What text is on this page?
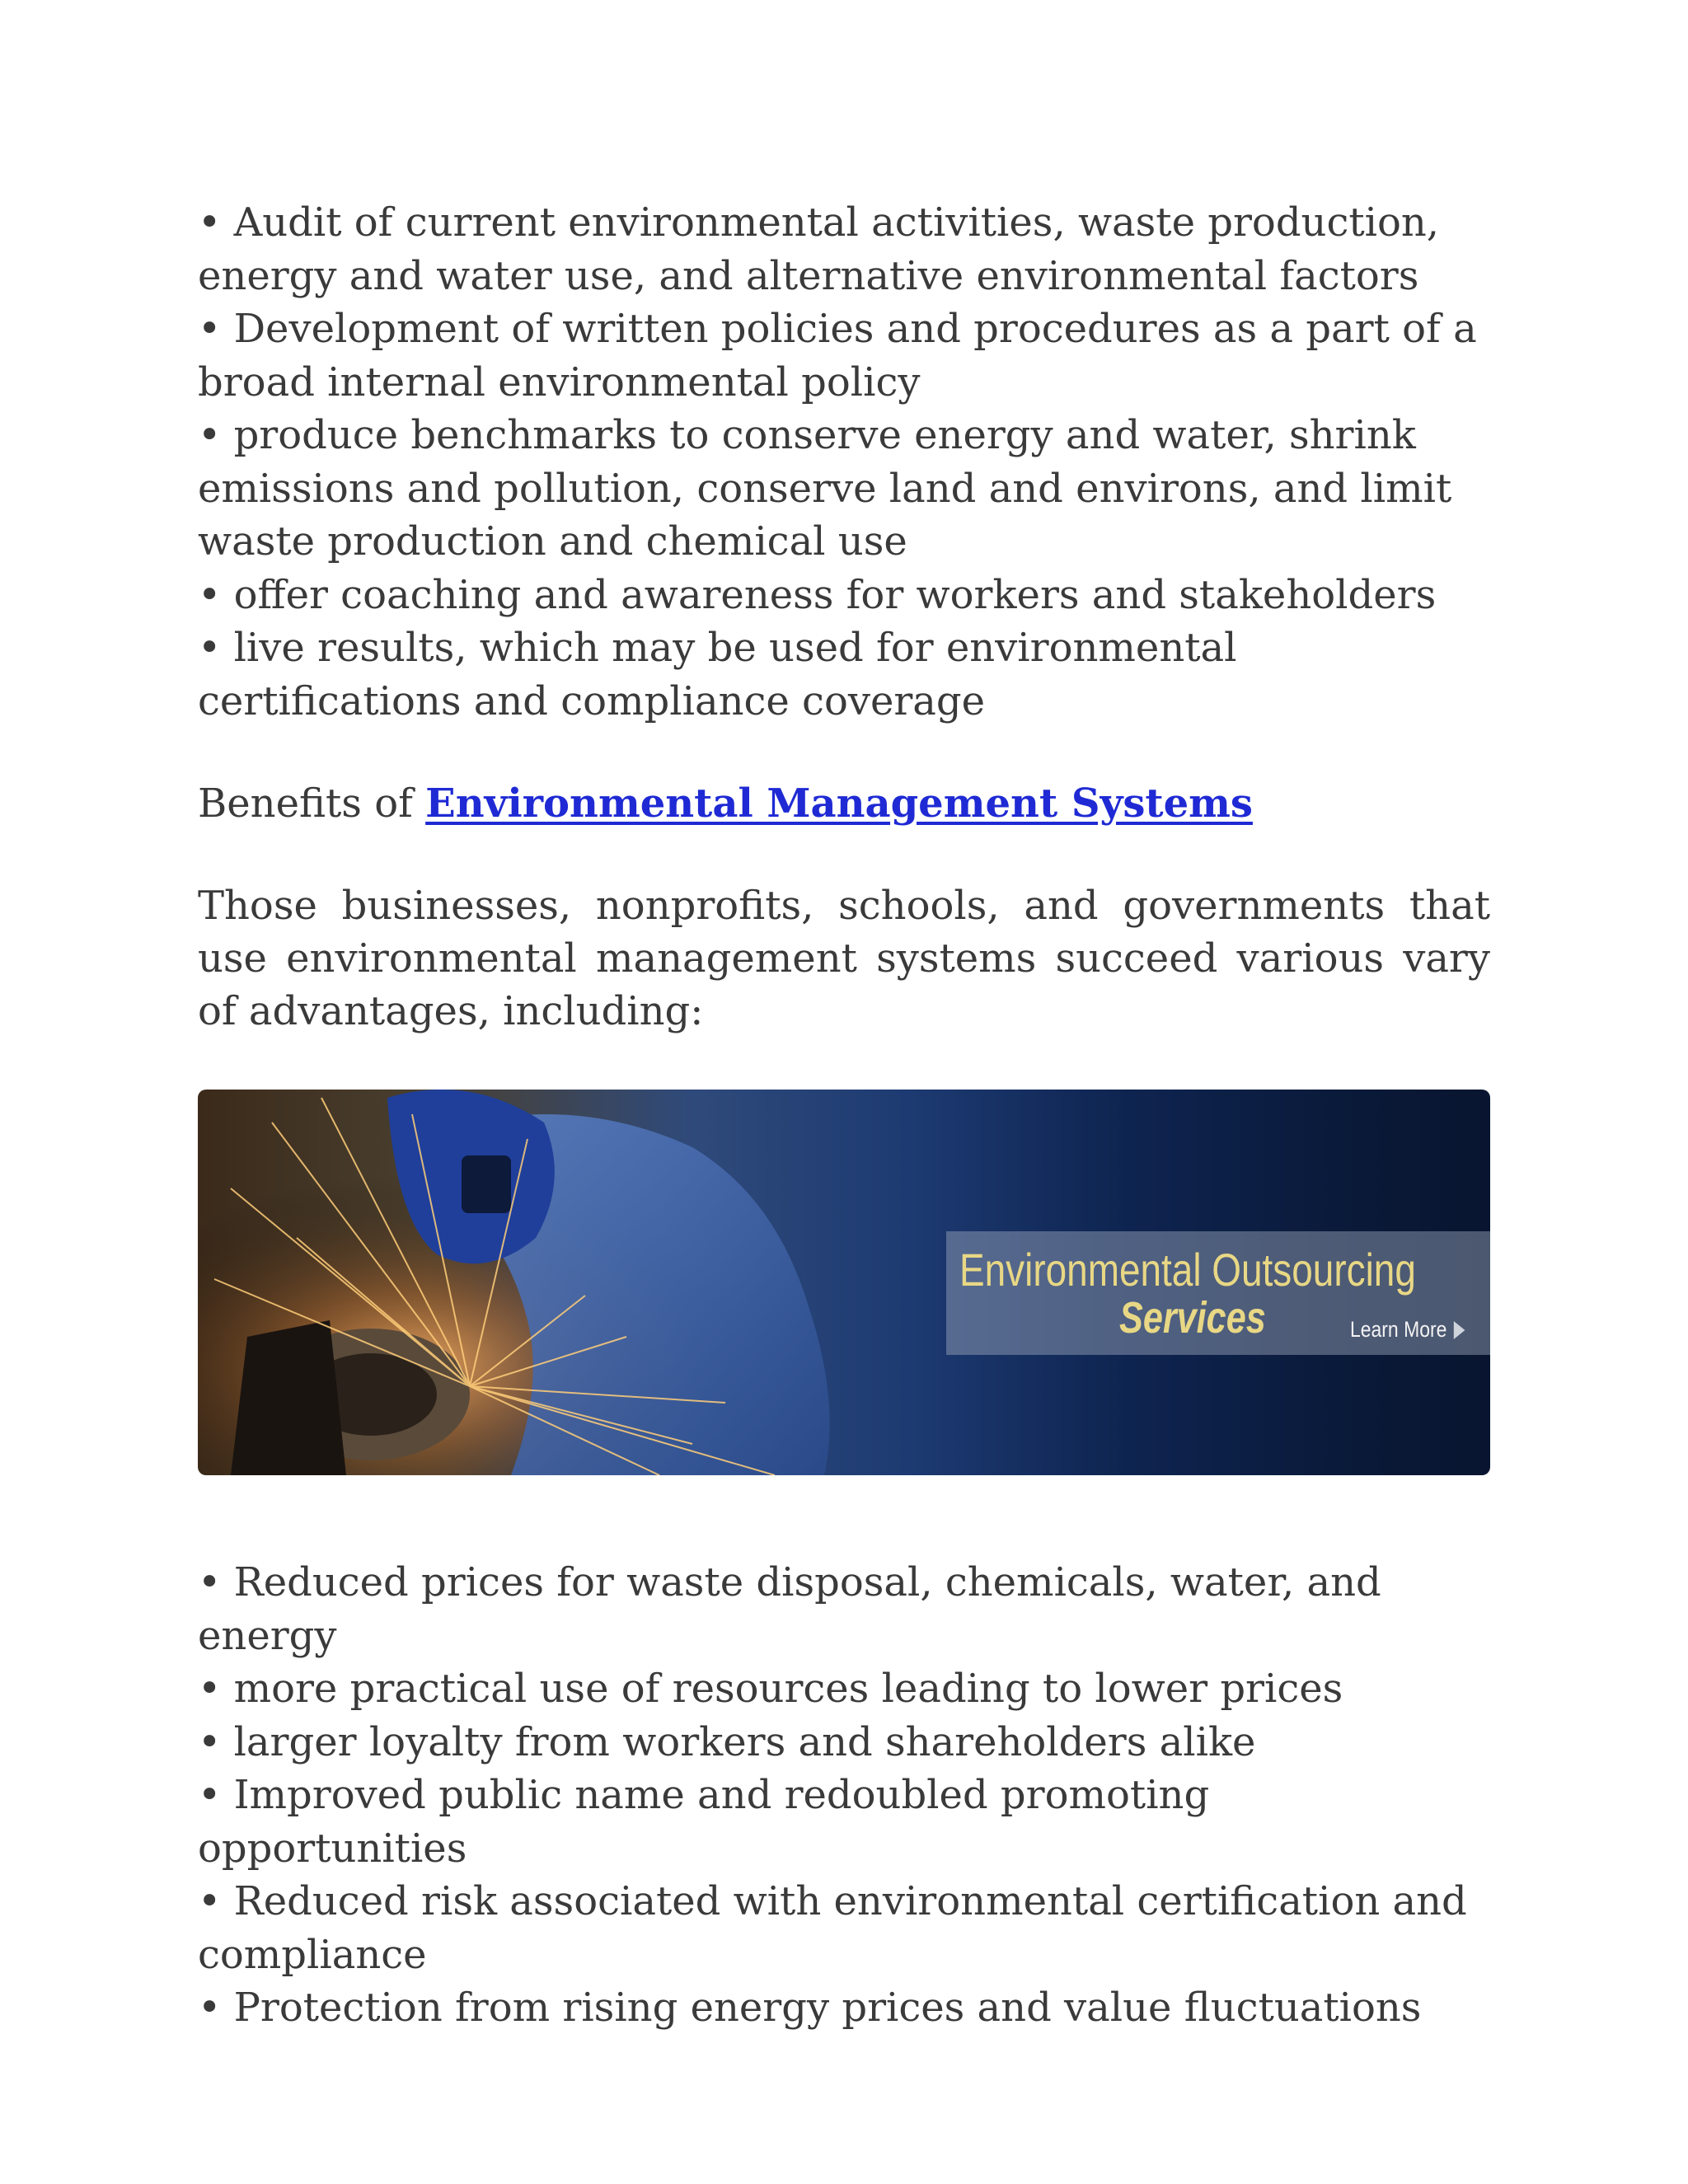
• Audit of current environmental activities, waste production, energy and water use, and alternative environmental factors
• Development of written policies and procedures as a part of a broad internal environmental policy
• produce benchmarks to conserve energy and water, shrink emissions and pollution, conserve land and environs, and limit waste production and chemical use
• offer coaching and awareness for workers and stakeholders
• live results, which may be used for environmental certifications and compliance coverage

Benefits of Environmental Management Systems

Those businesses, nonprofits, schools, and governments that use environmental management systems succeed various vary of advantages, including:

Environmental Outsourcing
Services	Learn More
• Reduced prices for waste disposal, chemicals, water, and energy
• more practical use of resources leading to lower prices
• larger loyalty from workers and shareholders alike
• Improved public name and redoubled promoting opportunities
• Reduced risk associated with environmental certification and compliance
• Protection from rising energy prices and value fluctuations
